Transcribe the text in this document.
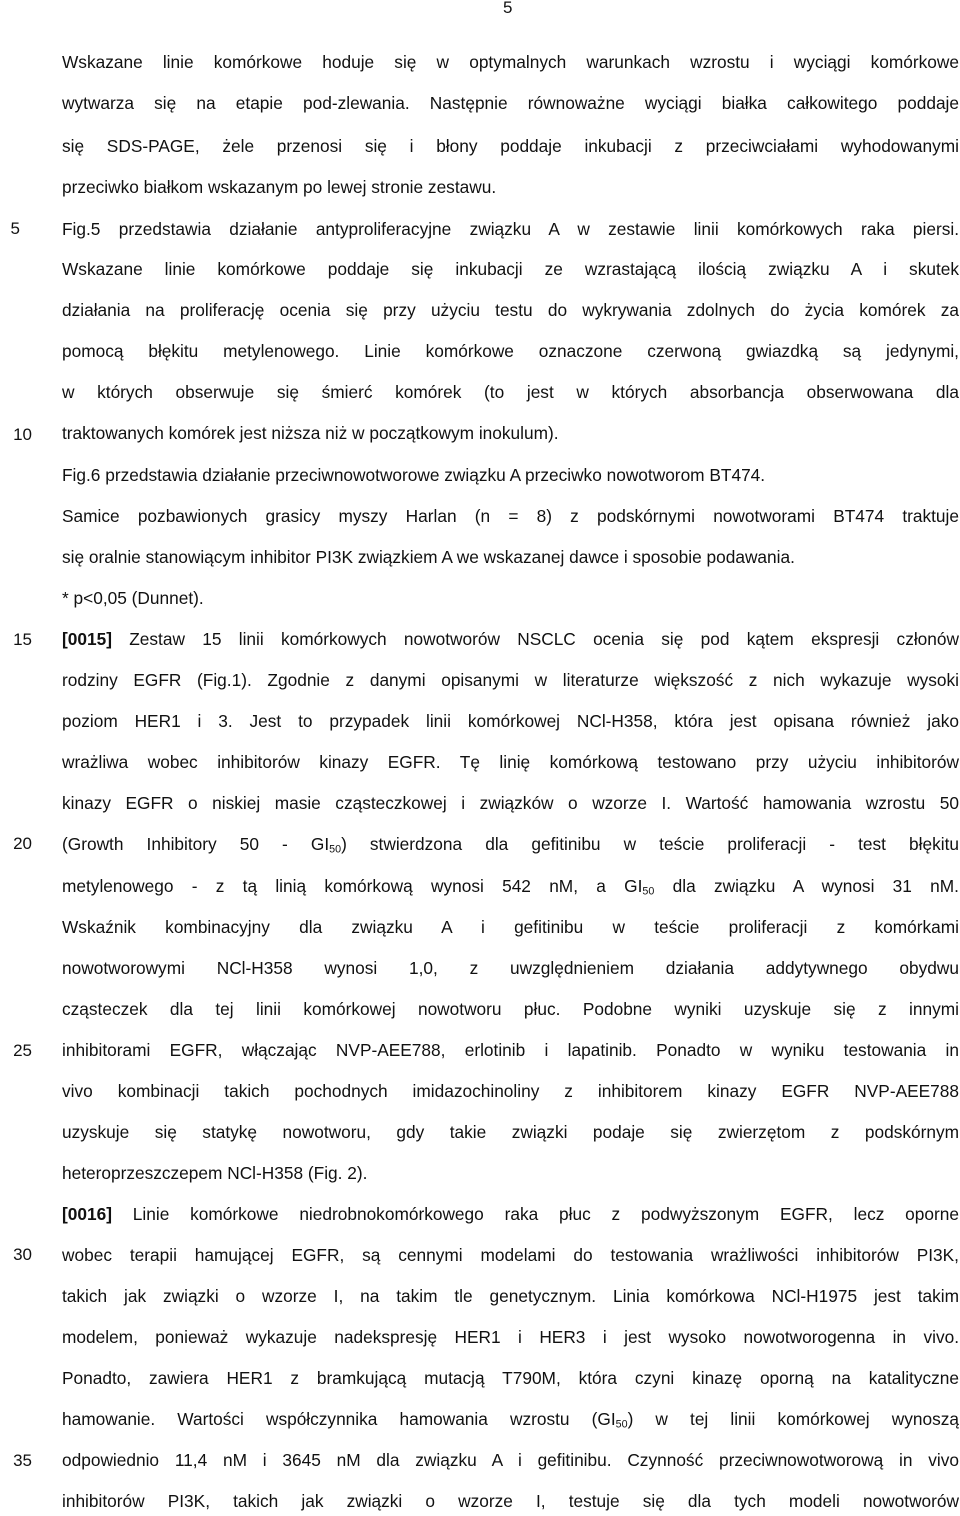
5
5
10
15
20
25
30
35
Wskazane linie komórkowe hoduje się w optymalnych warunkach wzrostu i wyciągi komórkowe
wytwarza się na etapie pod-zlewania. Następnie równoważne wyciągi białka całkowitego poddaje
się SDS-PAGE, żele przenosi się i błony poddaje inkubacji z przeciwciałami wyhodowanymi
przeciwko białkom wskazanym po lewej stronie zestawu.
Fig.5 przedstawia działanie antyproliferacyjne związku A w zestawie linii komórkowych raka piersi.
Wskazane linie komórkowe poddaje się inkubacji ze wzrastającą ilością związku A i skutek
działania na proliferację ocenia się przy użyciu testu do wykrywania zdolnych do życia komórek za
pomocą błękitu metylenowego. Linie komórkowe oznaczone czerwoną gwiazdką są jedynymi,
w których obserwuje się śmierć komórek (to jest w których absorbancja obserwowana dla
traktowanych komórek jest niższa niż w początkowym inokulum).
Fig.6 przedstawia działanie przeciwnowotworowe związku A przeciwko nowotworom BT474.
Samice pozbawionych grasicy myszy Harlan (n = 8) z podskórnymi nowotworami BT474 traktuje
się oralnie stanowiącym inhibitor PI3K związkiem A we wskazanej dawce i sposobie podawania.
* p<0,05 (Dunnet).
[0015] Zestaw 15 linii komórkowych nowotworów NSCLC ocenia się pod kątem ekspresji członów
rodziny EGFR (Fig.1). Zgodnie z danymi opisanymi w literaturze większość z nich wykazuje wysoki
poziom HER1 i 3. Jest to przypadek linii komórkowej NCl-H358, która jest opisana również jako
wrażliwa wobec inhibitorów kinazy EGFR. Tę linię komórkową testowano przy użyciu inhibitorów
kinazy EGFR o niskiej masie cząsteczkowej i związków o wzorze I. Wartość hamowania wzrostu 50
(Growth Inhibitory $50 - GI_{50}$) stwierdzona dla gefitinibu w teście proliferacji - test błękitu
metylenowego - z tą linią komórkową wynosi 542 nM, a $GI_{50}$ dla związku A wynosi 31 nM.
Wskaźnik kombinacyjny dla związku A i gefitinibu w teście proliferacji z komórkami
nowotworowymi NCl-H358 wynosi 1,0, z uwzględnieniem działania addytywnego obydwu
cząsteczek dla tej linii komórkowej nowotworu płuc. Podobne wyniki uzyskuje się z innymi
inhibitorami EGFR, włączając NVP-AEE788, erlotinib i lapatinib. Ponadto w wyniku testowania in
vivo kombinacji takich pochodnych imidazochinoliny z inhibitorem kinazy EGFR NVP-AEE788
uzyskuje się statykę nowotworu, gdy takie związki podaje się zwierzętom z podskórnym
heteroprzeszczepem NCl-H358 (Fig. 2).
[0016] Linie komórkowe niedrobnokomórkowego raka płuc z podwyższonym EGFR, lecz oporne
wobec terapii hamującej EGFR, są cennymi modelami do testowania wrażliwości inhibitorów PI3K,
takich jak związki o wzorze I, na takim tle genetycznym. Linia komórkowa NCl-H1975 jest takim
modelem, ponieważ wykazuje nadekspresję HER1 i HER3 i jest wysoko nowotworogenna in vivo.
Ponadto, zawiera HER1 z bramkującą mutacją T790M, która czyni kinazę oporną na katalityczne
hamowanie. Wartości współczynnika hamowania wzrostu $(GI_{50})$ w tej linii komórkowej wynoszą
odpowiednio 11,4 nM i 3645 nM dla związku A i gefitinibu. Czynność przeciwnowotworową in vivo
inhibitorów PI3K, takich jak związki o wzorze I, testuje się dla tych modeli nowotworów
